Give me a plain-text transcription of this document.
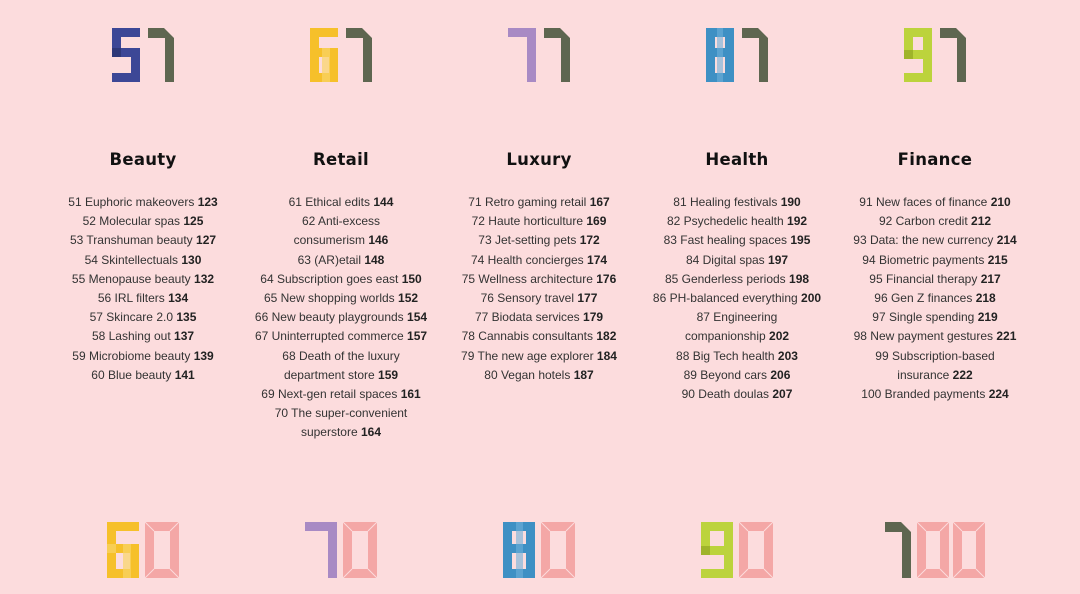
Beauty
51 Euphoric makeovers 123
52 Molecular spas 125
53 Transhuman beauty 127
54 Skintellectuals 130
55 Menopause beauty 132
56 IRL filters 134
57 Skincare 2.0 135
58 Lashing out 137
59 Microbiome beauty 139
60 Blue beauty 141
Retail
61 Ethical edits 144
62 Anti-excess consumerism 146
63 (AR)etail 148
64 Subscription goes east 150
65 New shopping worlds 152
66 New beauty playgrounds 154
67 Uninterrupted commerce 157
68 Death of the luxury department store 159
69 Next-gen retail spaces 161
70 The super-convenient superstore 164
Luxury
71 Retro gaming retail 167
72 Haute horticulture 169
73 Jet-setting pets 172
74 Health concierges 174
75 Wellness architecture 176
76 Sensory travel 177
77 Biodata services 179
78 Cannabis consultants 182
79 The new age explorer 184
80 Vegan hotels 187
Health
81 Healing festivals 190
82 Psychedelic health 192
83 Fast healing spaces 195
84 Digital spas 197
85 Genderless periods 198
86 PH-balanced everything 200
87 Engineering companionship 202
88 Big Tech health 203
89 Beyond cars 206
90 Death doulas 207
Finance
91 New faces of finance 210
92 Carbon credit 212
93 Data: the new currency 214
94 Biometric payments 215
95 Financial therapy 217
96 Gen Z finances 218
97 Single spending 219
98 New payment gestures 221
99 Subscription-based insurance 222
100 Branded payments 224
